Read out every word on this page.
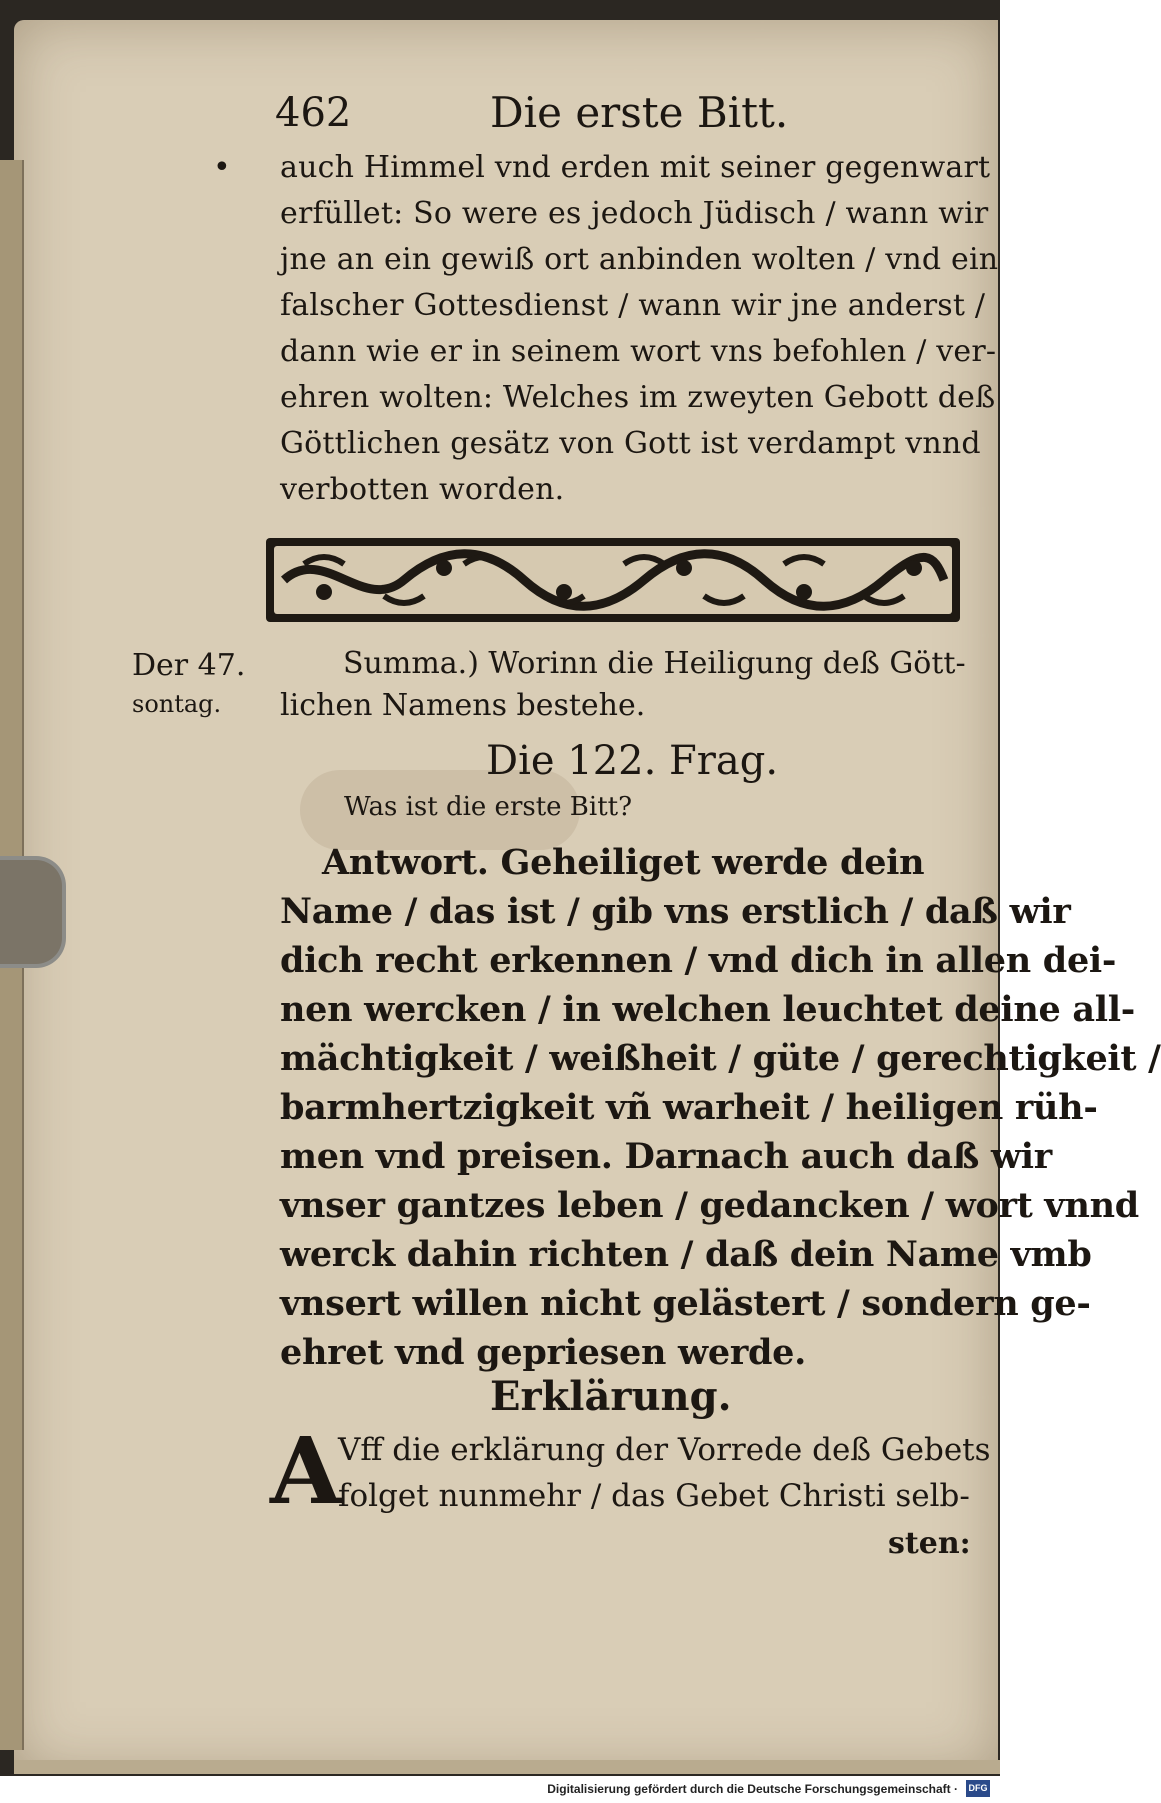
462	Die erste Bitt.
• auch Himmel vnd erden mit seiner gegenwart
erfüllet: So were es jedoch Jüdisch / wann wir
jne an ein gewiß ort anbinden wolten / vnd ein
falscher Gottesdienst / wann wir jne anderst /
dann wie er in seinem wort vns befohlen / ver-
ehren wolten: Welches im zweyten Gebott deß
Göttlichen gesätz von Gott ist verdampt vnnd
verbotten worden.
Der 47.
sontag.
Summa.) Worinn die Heiligung deß Gött-
lichen Namens bestehe.
Die 122. Frag.
Was ist die erste Bitt?
Antwort. Geheiliget werde dein
Name / das ist / gib vns erstlich / daß wir
dich recht erkennen / vnd dich in allen dei-
nen wercken / in welchen leuchtet deine all-
mächtigkeit / weißheit / güte / gerechtigkeit /
barmhertzigkeit vñ warheit / heiligen rüh-
men vnd preisen. Darnach auch daß wir
vnser gantzes leben / gedancken / wort vnnd
werck dahin richten / daß dein Name vmb
vnsert willen nicht gelästert / sondern ge-
Erklärung.
A
Vff die erklärung der Vorrede deß Gebets
folget nunmehr / das Gebet Christi selb-
sten:
ehret vnd gepriesen werde.
Digitalisierung gefördert durch die Deutsche Forschungsgemeinschaft · DFG
